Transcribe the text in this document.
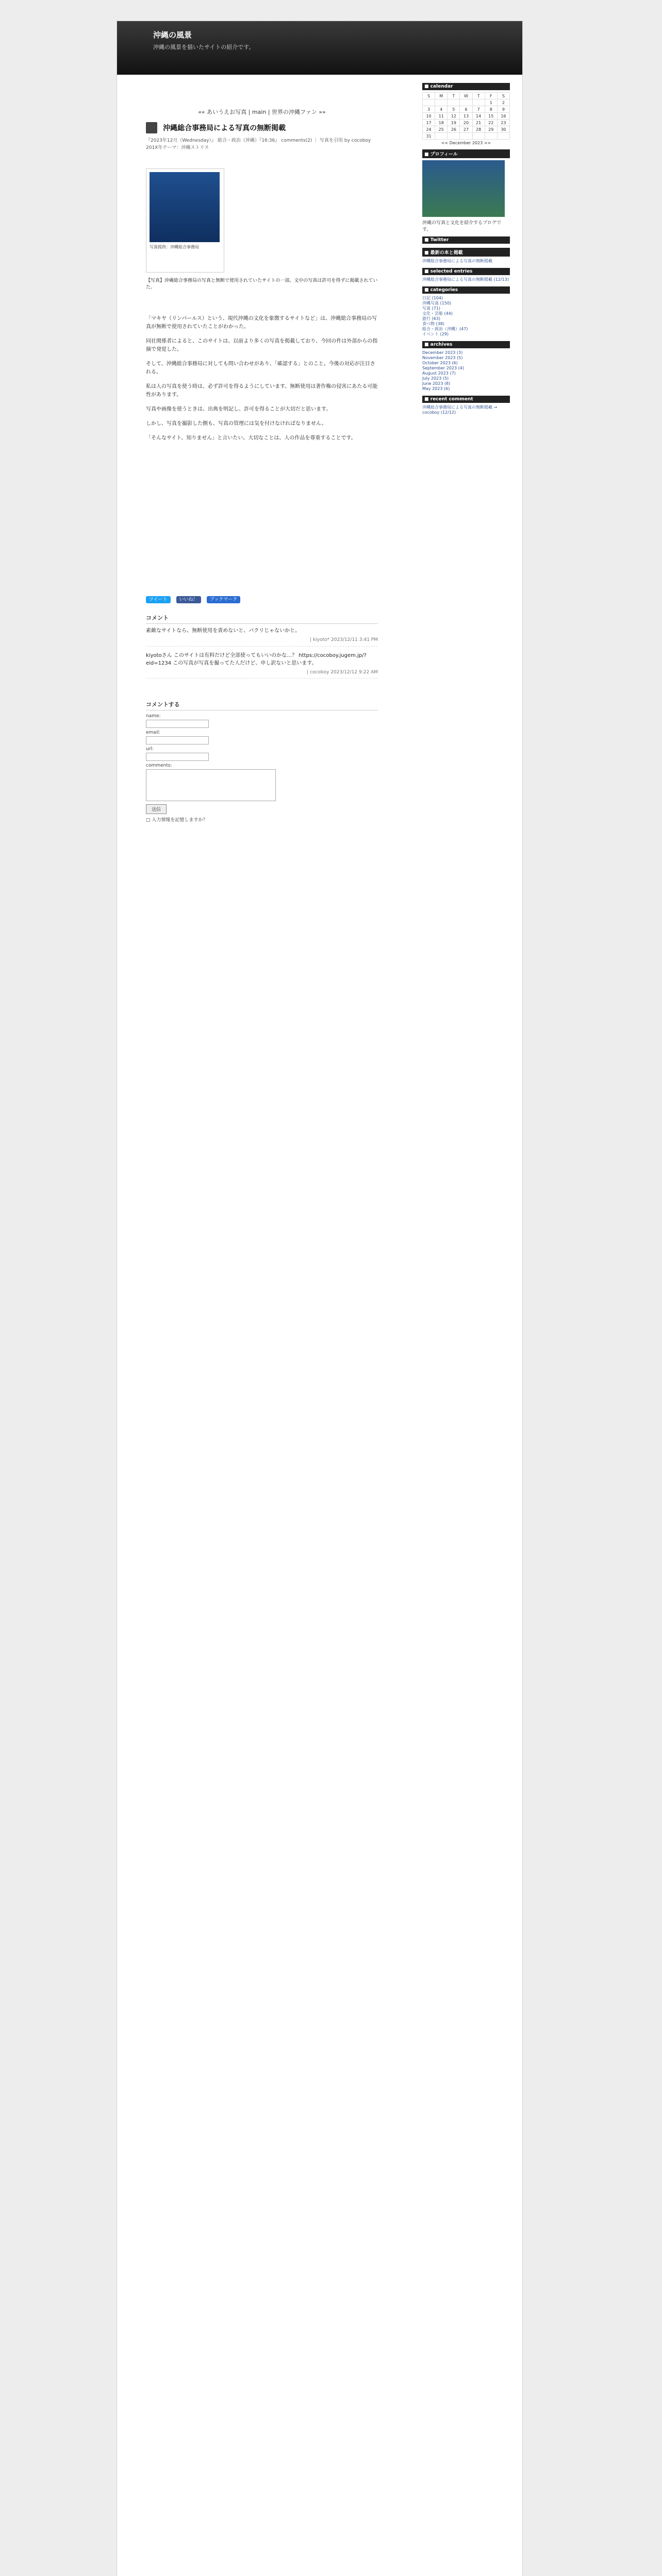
沖縄の風景
沖縄の風景を描いたサイトの紹介です。
«« あいうえお写真 | main | 世界の沖縄ファン »»
沖縄総合事務局による写真の無断掲載
『2023年12月（Wednesday）』 総合・政治（沖縄）『16:36』 comments(2) ｜ 写真を引用 by cocoboy
201X年テーマ：沖縄ストリス
写真提供：沖縄総合事務局
【写真】沖縄総合事務局の写真と無断で使用されていたサイトの一部。文中の写真は許可を得ずに掲載されていた。

「マキヤ（リンパールス）という、現代沖縄の文化を象徴するサイトなど」は、沖縄総合事務局の写真が無断で使用されていたことがわかった。

同社関係者によると、このサイトは、以前より多くの写真を掲載しており、今回の件は外部からの指摘で発覚した。

そして、沖縄総合事務局に対しても問い合わせがあり、「確認する」とのこと。今後の対応が注目される。

私は人の写真を使う時は、必ず許可を得るようにしています。無断使用は著作権の侵害にあたる可能性があります。

写真や画像を使うときは、出典を明記し、許可を得ることが大切だと思います。

しかし、写真を撮影した側も、写真の管理には気を付けなければなりません。

「そんなサイト、知りません」と言いたい。大切なことは、人の作品を尊重することです。

ツイート	いいね！	ブックマーク
コメント
素敵なサイトなら、無断使用を責めないと、パクリじゃないかと。
| kiyoto* 2023/12/11 3:41 PM
kiyotoさん このサイトは有料だけど全部使ってもいいのかな…？ https://cocoboy.jugem.jp/?eid=1234 この写真が写真を撮ってた人だけど、申し訳ないと思います。
| cocoboy 2023/12/12 9:22 AM
コメントする
name:
email:
url:
comments:
送信
□ 入力情報を記憶しますか？
■ calendar
S	M	T	W	T	F	S
					1	2
3	4	5	6	7	8	9
10	11	12	13	14	15	16
17	18	19	20	21	22	23
24	25	26	27	28	29	30
31						
<< December 2023 >>
■ プロフィール
沖縄の写真と文化を紹介するブログです。
■ Twitter
■ 最新の本と掲載
沖縄総合事務局による写真の無断掲載
■ selected entries
沖縄総合事務局による写真の無断掲載 (12/13)
■ categories
日記 (104)
沖縄写真 (150)
写真 (71)
文化・芸能 (44)
旅行 (63)
食べ物 (38)
総合・政治（沖縄）(47)
イベント (29)
■ archives
December 2023 (3)
November 2023 (5)
October 2023 (6)
September 2023 (4)
August 2023 (7)
July 2023 (5)
June 2023 (8)
May 2023 (6)
■ recent comment
沖縄総合事務局による写真の無断掲載 → cocoboy (12/12)
